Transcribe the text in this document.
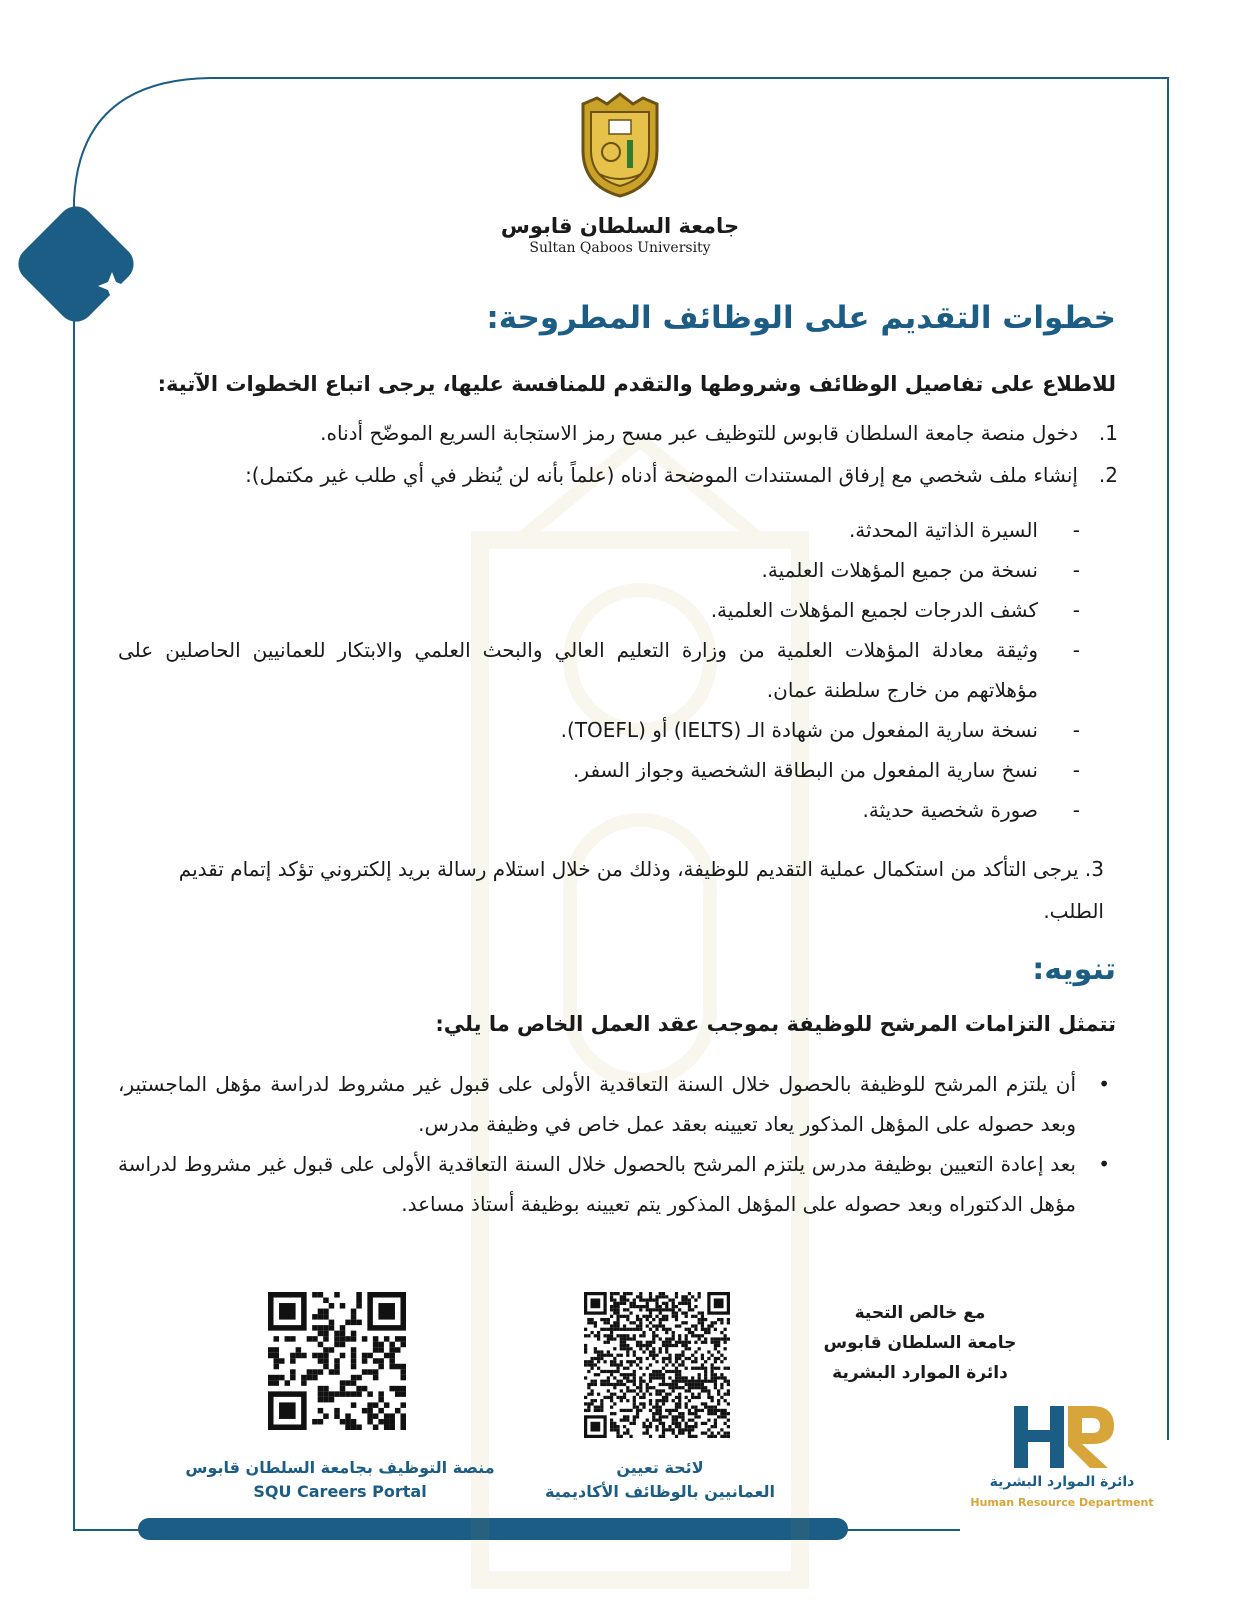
جامعة السلطان قابوس
Sultan Qaboos University
خطوات التقديم على الوظائف المطروحة:

للاطلاع على تفاصيل الوظائف وشروطها والتقدم للمنافسة عليها، يرجى اتباع الخطوات الآتية:

1.
دخول منصة جامعة السلطان قابوس للتوظيف عبر مسح رمز الاستجابة السريع الموضّح أدناه.

2.
إنشاء ملف شخصي مع إرفاق المستندات الموضحة أدناه (علماً بأنه لن يُنظر في أي طلب غير مكتمل):

-
السيرة الذاتية المحدثة.
-
نسخة من جميع المؤهلات العلمية.
-
كشف الدرجات لجميع المؤهلات العلمية.
-
وثيقة معادلة المؤهلات العلمية من وزارة التعليم العالي والبحث العلمي والابتكار للعمانيين الحاصلين على مؤهلاتهم من خارج سلطنة عمان.
-
نسخة سارية المفعول من شهادة الـ (IELTS) أو (TOEFL).
-
نسخ سارية المفعول من البطاقة الشخصية وجواز السفر.
-
صورة شخصية حديثة.

3. يرجى التأكد من استكمال عملية التقديم للوظيفة، وذلك من خلال استلام رسالة بريد إلكتروني تؤكد إتمام تقديم الطلب.

تنويه:

تتمثل التزامات المرشح للوظيفة بموجب عقد العمل الخاص ما يلي:

•
أن يلتزم المرشح للوظيفة بالحصول خلال السنة التعاقدية الأولى على قبول غير مشروط لدراسة مؤهل الماجستير، وبعد حصوله على المؤهل المذكور يعاد تعيينه بعقد عمل خاص في وظيفة مدرس.
•
بعد إعادة التعيين بوظيفة مدرس يلتزم المرشح بالحصول خلال السنة التعاقدية الأولى على قبول غير مشروط لدراسة مؤهل الدكتوراه وبعد حصوله على المؤهل المذكور يتم تعيينه بوظيفة أستاذ مساعد.
منصة التوظيف بجامعة السلطان قابوس
SQU Careers Portal
لائحة تعيين
العمانيين بالوظائف الأكاديمية
مع خالص التحية
جامعة السلطان قابوس
دائرة الموارد البشرية
دائرة الموارد البشرية
Human Resource Department
